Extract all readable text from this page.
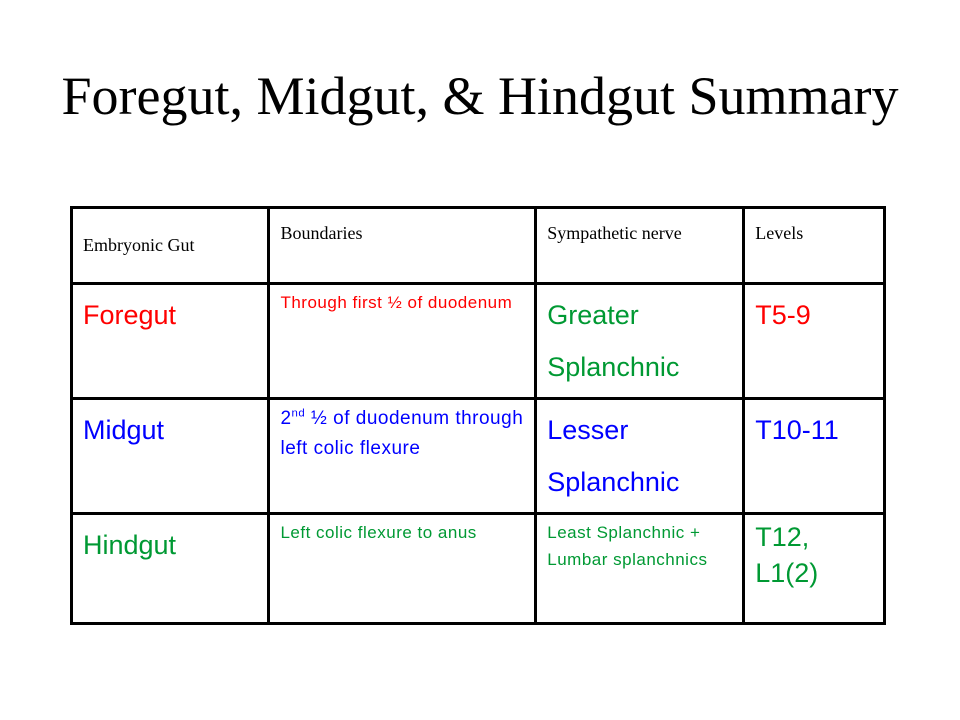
Foregut, Midgut, & Hindgut Summary
Embryonic Gut	Boundaries	Sympathetic nerve	Levels
Foregut	Through first ½ of duodenum	Greater Splanchnic	T5-9
Midgut	2nd ½ of duodenum through left colic flexure	Lesser Splanchnic	T10-11
Hindgut	Left colic flexure to anus	Least Splanchnic + Lumbar splanchnics	T12, L1(2)
